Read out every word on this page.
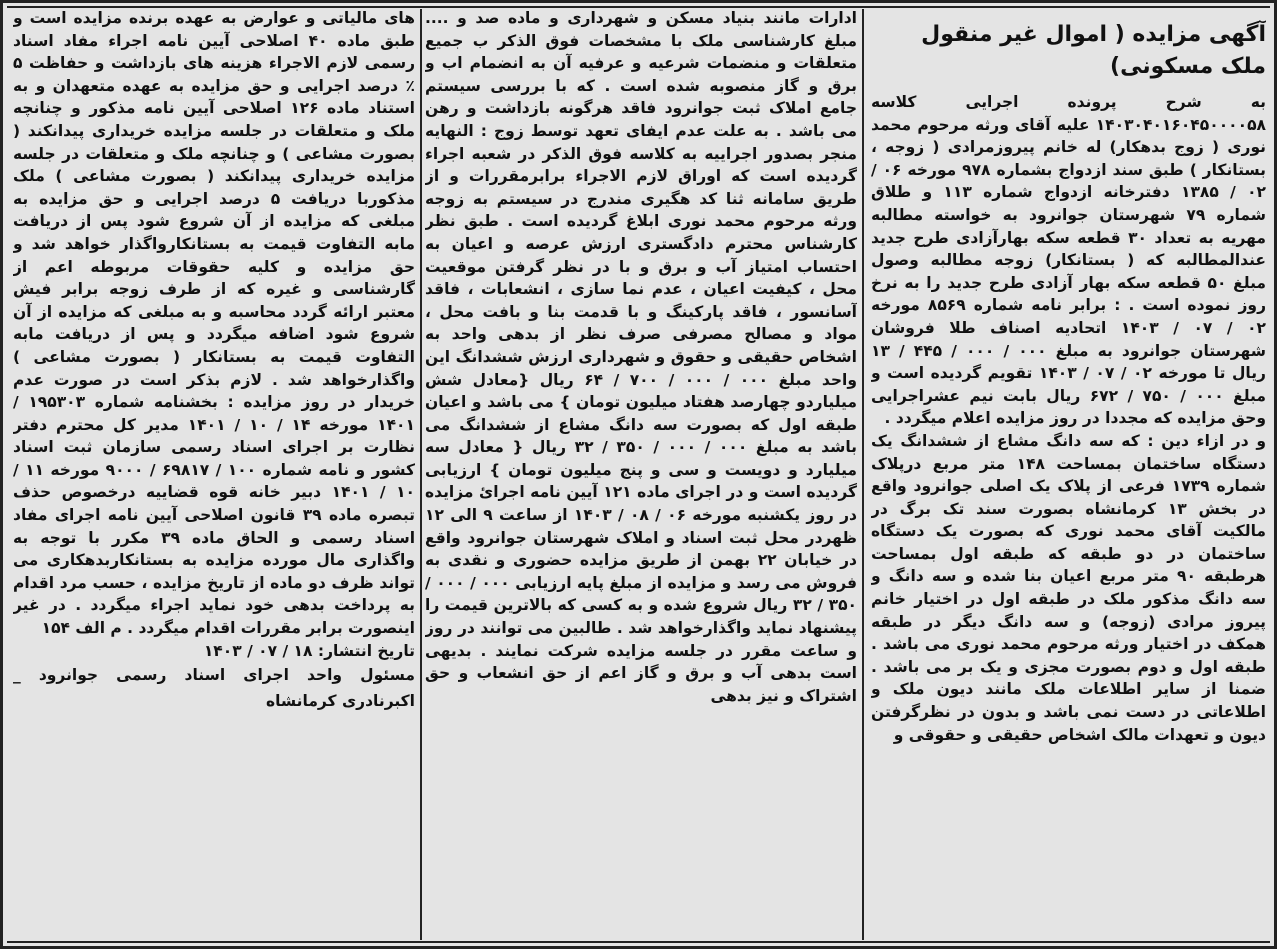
آگهی مزایده ( اموال غیر منقول ملک مسکونی)

به شرح پرونده اجرایی کلاسه ۱۴۰۳۰۴۰۱۶۰۴۵۰۰۰۰۵۸ علیه آقای ورثه مرحوم محمد نوری ( زوج بدهکار) له خانم پیروزمرادی ( زوجه ، بستانکار ) طبق سند ازدواج بشماره ۹۷۸ مورخه ۰۶ / ۰۲ / ۱۳۸۵ دفترخانه ازدواج شماره ۱۱۳ و طلاق شماره ۷۹ شهرستان جوانرود به خواسته مطالبه مهریه به تعداد ۳۰ قطعه سکه بهارآزادی طرح جدید عندالمطالبه که ( بستانکار) زوجه مطالبه وصول مبلغ ۵۰ قطعه سکه بهار آزادی طرح جدید را به نرخ روز نموده است . : برابر نامه شماره ۸۵۶۹ مورخه ۰۲ / ۰۷ / ۱۴۰۳ اتحادیه اصناف طلا فروشان شهرستان جوانرود به مبلغ ۰۰۰ / ۰۰۰ / ۴۴۵ / ۱۳ ریال تا مورخه ۰۲ / ۰۷ / ۱۴۰۳ تقویم گردیده است و مبلغ ۰۰۰ / ۷۵۰ / ۶۷۲ ریال بابت نیم عشراجرایی وحق مزایده که مجددا در روز مزایده اعلام میگردد .
و در ازاء دین : که سه دانگ مشاع از ششدانگ یک دستگاه ساختمان بمساحت ۱۴۸ متر مربع درپلاک شماره ۱۷۳۹ فرعی از پلاک یک اصلی جوانرود واقع در بخش ۱۳ کرمانشاه بصورت سند تک برگ در مالکیت آقای محمد نوری که بصورت یک دستگاه ساختمان در دو طبقه که طبقه اول بمساحت هرطبقه ۹۰ متر مربع اعیان بنا شده و سه دانگ و سه دانگ مذکور ملک در طبقه اول در اختیار خانم پیروز مرادی (زوجه) و سه دانگ دیگر در طبقه همکف در اختیار ورثه مرحوم محمد نوری می باشد . طبقه اول و دوم بصورت مجزی و یک بر می باشد . ضمنا از سایر اطلاعات ملک مانند دیون ملک و اطلاعاتی در دست نمی باشد و بدون در نظرگرفتن دیون و تعهدات مالک اشخاص حقیقی و حقوقی و

ادارات مانند بنیاد مسکن و شهرداری و ماده صد و .... مبلغ کارشناسی ملک با مشخصات فوق الذکر ب جمیع متعلقات و منضمات شرعیه و عرفیه آن به انضمام اب و برق و گاز منصوبه شده است . که با بررسی سیستم جامع املاک ثبت جوانرود فاقد هرگونه بازداشت و رهن می باشد . به علت عدم ایفای تعهد توسط زوج : النهایه منجر بصدور اجراییه به کلاسه فوق الذکر در شعبه اجراء گردیده است که اوراق لازم الاجراء برابرمقررات و از طریق سامانه ثنا کد هگیری مندرج در سیستم به زوجه ورثه مرحوم محمد نوری ابلاغ گردیده است . طبق نظر کارشناس محترم دادگستری ارزش عرصه و اعیان به احتساب امتیاز آب و برق و با در نظر گرفتن موقعیت محل ، کیفیت اعیان ، عدم نما سازی ، انشعابات ، فاقد آسانسور ، فاقد پارکینگ و با قدمت بنا و بافت محل ، مواد و مصالح مصرفی صرف نظر از بدهی واحد به اشخاص حقیقی و حقوق و شهرداری ارزش ششدانگ این واحد مبلغ ۰۰۰ / ۰۰۰ / ۷۰۰ / ۶۴ ریال {معادل شش میلیاردو چهارصد هفتاد میلیون تومان } می باشد و اعیان طبقه اول که بصورت سه دانگ مشاع از ششدانگ می باشد به مبلغ ۰۰۰ / ۰۰۰ / ۳۵۰ / ۳۲ ریال { معادل سه میلیارد و دویست و سی و پنج میلیون تومان } ارزیابی گردیده است و در اجرای ماده ۱۲۱ آیین نامه اجرائ مزایده در روز یکشنبه مورخه ۰۶ / ۰۸ / ۱۴۰۳ از ساعت ۹ الی ۱۲ ظهردر محل ثبت اسناد و املاک شهرستان جوانرود واقع در خیابان ۲۲ بهمن از طریق مزایده حضوری و نقدی به فروش می رسد و مزایده از مبلغ پایه ارزیابی ۰۰۰ / ۰۰۰ / ۳۵۰ / ۳۲ ریال شروع شده و به کسی که بالاترین قیمت را پیشنهاد نماید واگذارخواهد شد . طالبین می توانند در روز و ساعت مقرر در جلسه مزایده شرکت نمایند . بدیهی است بدهی آب و برق و گاز اعم از حق انشعاب و حق اشتراک و نیز بدهی

های مالیاتی و عوارض به عهده برنده مزایده است و طبق ماده ۴۰ اصلاحی آیین نامه اجراء مفاد اسناد رسمی لازم الاجراء هزینه های بازداشت و حفاظت ۵ ٪ درصد اجرایی و حق مزایده به عهده متعهدان و به استناد ماده ۱۲۶ اصلاحی آیین نامه مذکور و چنانچه ملک و متعلقات در جلسه مزایده خریداری پیدانکند ( بصورت مشاعی ) و چنانچه ملک و متعلقات در جلسه مزایده خریداری پیدانکند ( بصورت مشاعی ) ملک مذکوربا دریافت ۵ درصد اجرایی و حق مزایده به مبلغی که مزایده از آن شروع شود پس از دریافت مابه التفاوت قیمت به بستانکارواگذار خواهد شد و حق مزایده و کلیه حقوقات مربوطه اعم از گارشناسی و غیره که از طرف زوجه برابر فیش معتبر ارائه گردد محاسبه و به مبلغی که مزایده از آن شروع شود اضافه میگردد و پس از دریافت مابه التفاوت قیمت به بستانکار ( بصورت مشاعی ) واگذارخواهد شد . لازم بذکر است در صورت عدم خریدار در روز مزایده : بخشنامه شماره ۱۹۵۳۰۳ / ۱۴۰۱ مورخه ۱۴ / ۱۰ / ۱۴۰۱ مدیر کل محترم دفتر نظارت بر اجرای اسناد رسمی سازمان ثبت اسناد کشور و نامه شماره ۱۰۰ / ۶۹۸۱۷ / ۹۰۰۰ مورخه ۱۱ / ۱۰ / ۱۴۰۱ دبیر خانه قوه قضاییه درخصوص حذف تبصره ماده ۳۹ قانون اصلاحی آیین نامه اجرای مفاد اسناد رسمی و الحاق ماده ۳۹ مکرر با توجه به واگذاری مال مورده مزایده به بستانکاربدهکاری می تواند ظرف دو ماده از تاریخ مزایده ، حسب مرد اقدام به پرداخت بدهی خود نماید اجراء میگردد . در غیر اینصورت برابر مقررات اقدام میگردد . م الف ۱۵۴

تاریخ انتشار: ۱۸ / ۰۷ / ۱۴۰۳

مسئول واحد اجرای اسناد رسمی جوانرود _ اکبرنادری کرمانشاه
